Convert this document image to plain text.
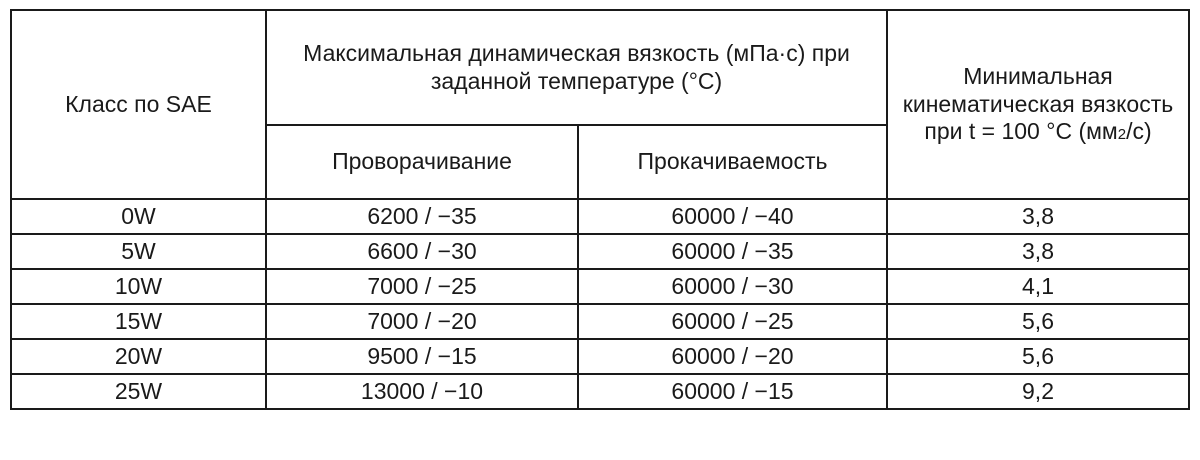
Класс по SAE	Максимальная динамическая вязкость (мПа·с) при заданной температуре (°С)		Минимальная кинематическая вязкость при t = 100 °С (мм2/с)
	Проворачивание	Прокачиваемость	
0W	6200 / −35	60000 / −40	3,8
5W	6600 / −30	60000 / −35	3,8
10W	7000 / −25	60000 / −30	4,1
15W	7000 / −20	60000 / −25	5,6
20W	9500 / −15	60000 / −20	5,6
25W	13000 / −10	60000 / −15	9,2
